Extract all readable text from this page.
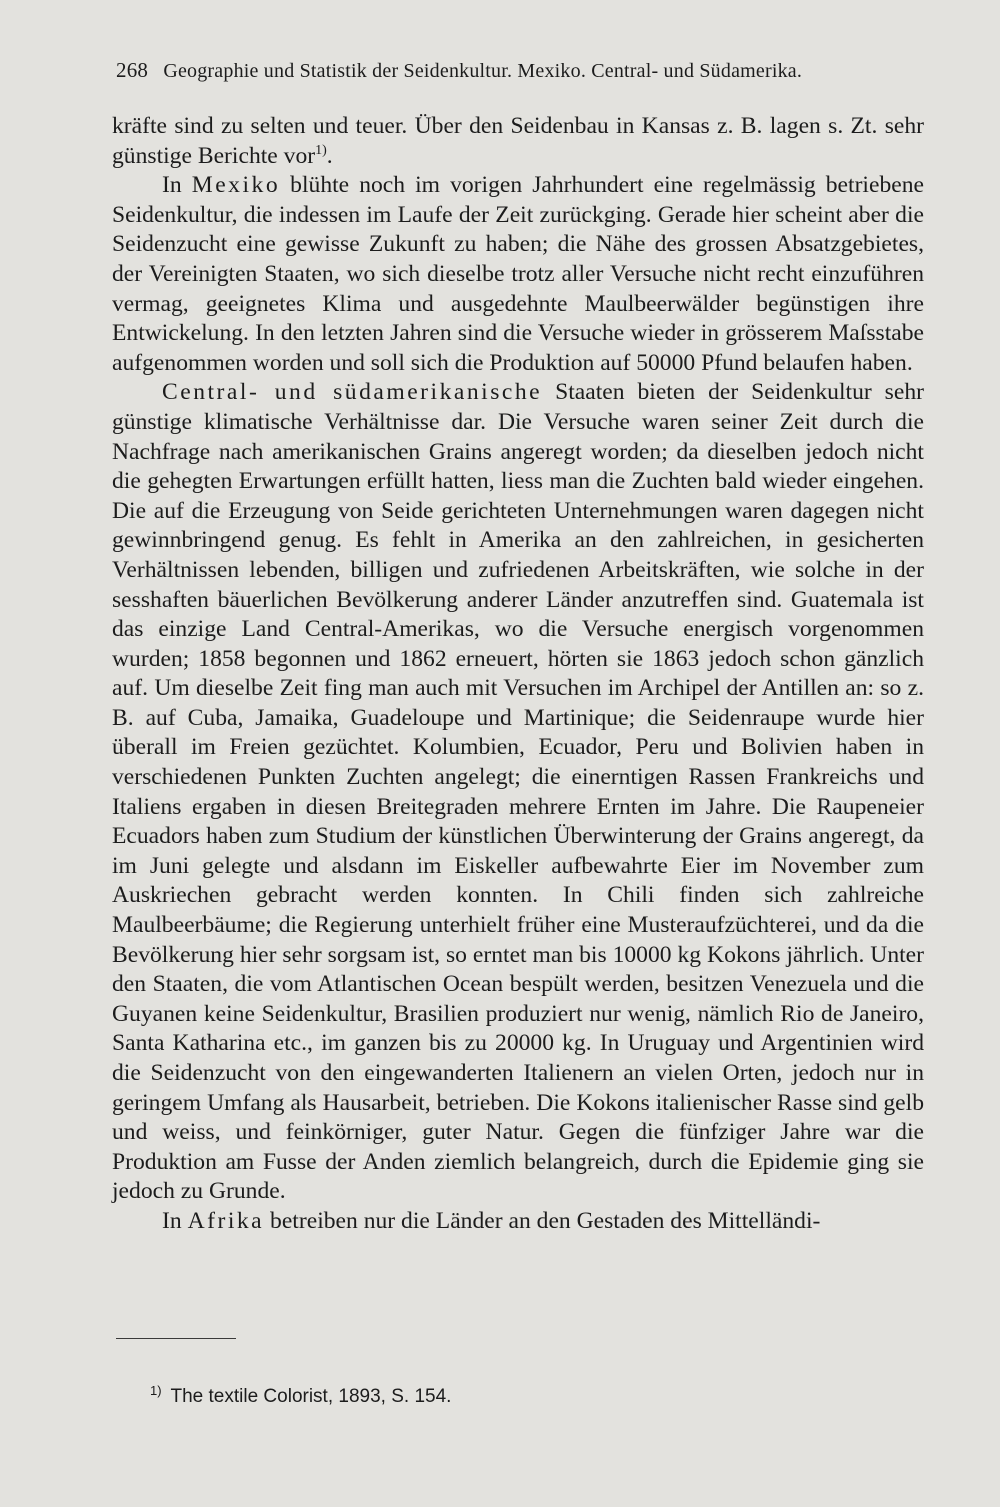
268 Geographie und Statistik der Seidenkultur. Mexiko. Central- und Südamerika.

kräfte sind zu selten und teuer. Über den Seidenbau in Kansas z. B. lagen s. Zt. sehr günstige Berichte vor$^{1)}$.

In Mexiko blühte noch im vorigen Jahrhundert eine regelmässig betriebene Seidenkultur, die indessen im Laufe der Zeit zurückging. Gerade hier scheint aber die Seidenzucht eine gewisse Zukunft zu haben; die Nähe des grossen Absatzgebietes, der Vereinigten Staaten, wo sich dieselbe trotz aller Versuche nicht recht einzuführen vermag, geeignetes Klima und ausgedehnte Maulbeerwälder begünstigen ihre Entwickelung. In den letzten Jahren sind die Versuche wieder in grösserem Maſsstabe aufgenommen worden und soll sich die Produktion auf 50000 Pfund belaufen haben.

Central- und südamerikanische Staaten bieten der Seidenkultur sehr günstige klimatische Verhältnisse dar. Die Versuche waren seiner Zeit durch die Nachfrage nach amerikanischen Grains angeregt worden; da dieselben jedoch nicht die gehegten Erwartungen erfüllt hatten, liess man die Zuchten bald wieder eingehen. Die auf die Erzeugung von Seide gerichteten Unternehmungen waren dagegen nicht gewinnbringend genug. Es fehlt in Amerika an den zahlreichen, in gesicherten Verhältnissen lebenden, billigen und zufriedenen Arbeitskräften, wie solche in der sesshaften bäuerlichen Bevölkerung anderer Länder anzutreffen sind. Guatemala ist das einzige Land Central-Amerikas, wo die Versuche energisch vorgenommen wurden; 1858 begonnen und 1862 erneuert, hörten sie 1863 jedoch schon gänzlich auf. Um dieselbe Zeit fing man auch mit Versuchen im Archipel der Antillen an: so z. B. auf Cuba, Jamaika, Guadeloupe und Martinique; die Seidenraupe wurde hier überall im Freien gezüchtet. Kolumbien, Ecuador, Peru und Bolivien haben in verschiedenen Punkten Zuchten angelegt; die einerntigen Rassen Frankreichs und Italiens ergaben in diesen Breitegraden mehrere Ernten im Jahre. Die Raupeneier Ecuadors haben zum Studium der künstlichen Überwinterung der Grains angeregt, da im Juni gelegte und alsdann im Eiskeller aufbewahrte Eier im November zum Auskriechen gebracht werden konnten. In Chili finden sich zahlreiche Maulbeerbäume; die Regierung unterhielt früher eine Musteraufzüchterei, und da die Bevölkerung hier sehr sorgsam ist, so erntet man bis 10000 kg Kokons jährlich. Unter den Staaten, die vom Atlantischen Ocean bespült werden, besitzen Venezuela und die Guyanen keine Seidenkultur, Brasilien produziert nur wenig, nämlich Rio de Janeiro, Santa Katharina etc., im ganzen bis zu 20000 kg. In Uruguay und Argentinien wird die Seidenzucht von den eingewanderten Italienern an vielen Orten, jedoch nur in geringem Umfang als Hausarbeit, betrieben. Die Kokons italienischer Rasse sind gelb und weiss, und feinkörniger, guter Natur. Gegen die fünfziger Jahre war die Produktion am Fusse der Anden ziemlich belangreich, durch die Epidemie ging sie jedoch zu Grunde.

In Afrika betreiben nur die Länder an den Gestaden des Mittelländi-

$^{1)}$ The textile Colorist, 1893, S. 154.
